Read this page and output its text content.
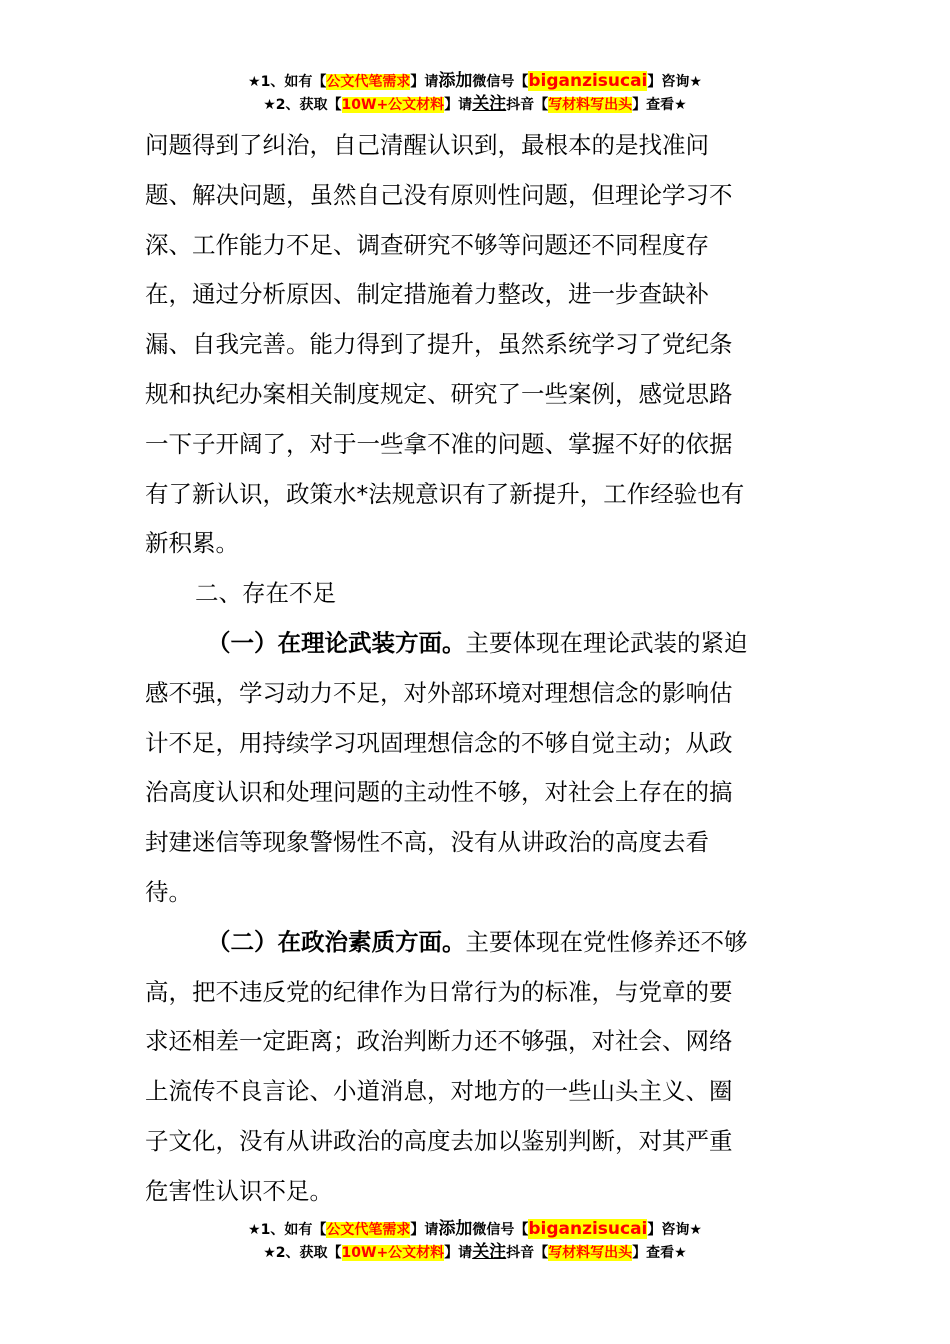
★1、如有【公文代笔需求】请添加微信号【biganzisucai】咨询★
★2、获取【10W+公文材料】请关注抖音【写材料写出头】查看★

问题得到了纠治，自己清醒认识到，最根本的是找准问
题、解决问题，虽然自己没有原则性问题，但理论学习不
深、工作能力不足、调查研究不够等问题还不同程度存
在，通过分析原因、制定措施着力整改，进一步查缺补
漏、自我完善。能力得到了提升，虽然系统学习了党纪条
规和执纪办案相关制度规定、研究了一些案例，感觉思路
一下子开阔了，对于一些拿不准的问题、掌握不好的依据
有了新认识，政策水*法规意识有了新提升，工作经验也有
新积累。

二、存在不足

（一）在理论武装方面。主要体现在理论武装的紧迫
感不强，学习动力不足，对外部环境对理想信念的影响估
计不足，用持续学习巩固理想信念的不够自觉主动；从政
治高度认识和处理问题的主动性不够，对社会上存在的搞
封建迷信等现象警惕性不高，没有从讲政治的高度去看
待。

（二）在政治素质方面。主要体现在党性修养还不够
高，把不违反党的纪律作为日常行为的标准，与党章的要
求还相差一定距离；政治判断力还不够强，对社会、网络
上流传不良言论、小道消息，对地方的一些山头主义、圈
子文化，没有从讲政治的高度去加以鉴别判断，对其严重
危害性认识不足。

★1、如有【公文代笔需求】请添加微信号【biganzisucai】咨询★
★2、获取【10W+公文材料】请关注抖音【写材料写出头】查看★
